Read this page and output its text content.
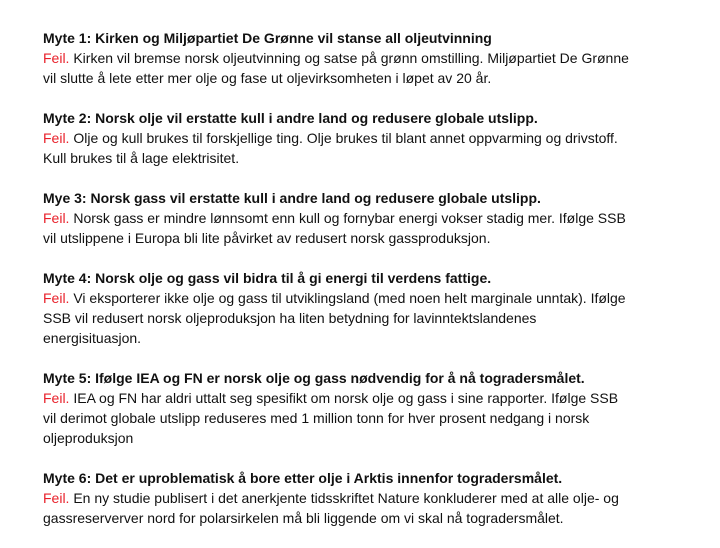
Myte 1: Kirken og Miljøpartiet De Grønne vil stanse all oljeutvinning
Feil. Kirken vil bremse norsk oljeutvinning og satse på grønn omstilling. Miljøpartiet De Grønne
vil slutte å lete etter mer olje og fase ut oljevirksomheten i løpet av 20 år.
Myte 2: Norsk olje vil erstatte kull i andre land og redusere globale utslipp.
Feil. Olje og kull brukes til forskjellige ting. Olje brukes til blant annet oppvarming og drivstoff.
Kull brukes til å lage elektrisitet.
Mye 3: Norsk gass vil erstatte kull i andre land og redusere globale utslipp.
Feil. Norsk gass er mindre lønnsomt enn kull og fornybar energi vokser stadig mer. Ifølge SSB
vil utslippene i Europa bli lite påvirket av redusert norsk gassproduksjon.
Myte 4: Norsk olje og gass vil bidra til å gi energi til verdens fattige.
Feil. Vi eksporterer ikke olje og gass til utviklingsland (med noen helt marginale unntak). Ifølge
SSB vil redusert norsk oljeproduksjon ha liten betydning for lavinntektslandenes
energisituasjon.
Myte 5: Ifølge IEA og FN er norsk olje og gass nødvendig for å nå togradersmålet.
Feil. IEA og FN har aldri uttalt seg spesifikt om norsk olje og gass i sine rapporter. Ifølge SSB
vil derimot globale utslipp reduseres med 1 million tonn for hver prosent nedgang i norsk
oljeproduksjon
Myte 6: Det er uproblematisk å bore etter olje i Arktis innenfor togradersmålet.
Feil. En ny studie publisert i det anerkjente tidsskriftet Nature konkluderer med at alle olje- og
gassreserverver nord for polarsirkelen må bli liggende om vi skal nå togradersmålet.
